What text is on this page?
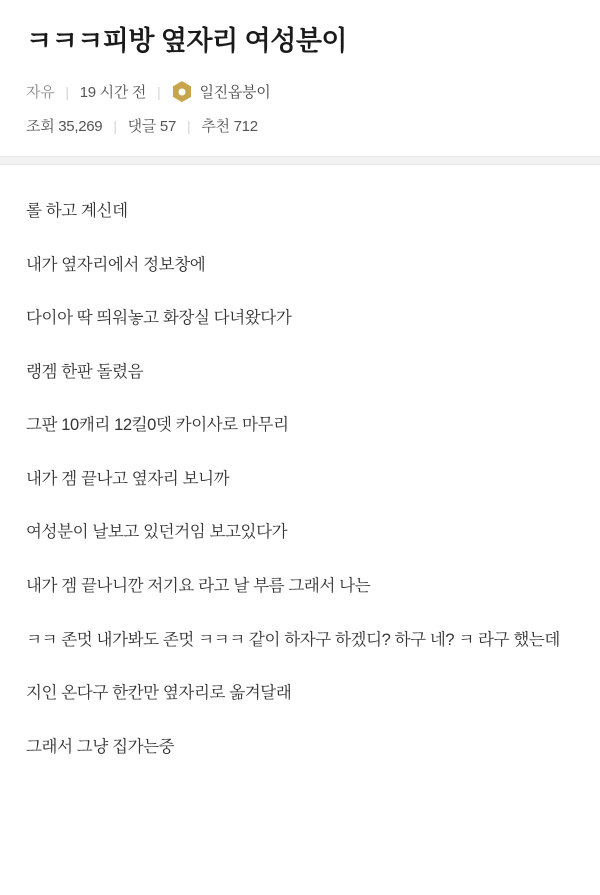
ㅋㅋㅋ피방 옆자리 여성분이
자유 | 19 시간 전 |	일진옵붕이
조회 35,269 | 댓글 57 | 추천 712

롤 하고 계신데

내가 옆자리에서 정보창에

다이아 딱 띄워놓고 화장실 다녀왔다가

랭겜 한판 돌렸음

그판 10캐리 12킬0뎃 카이사로 마무리

내가 겜 끝나고 옆자리 보니까

여성분이 날보고 있던거임 보고있다가

내가 겜 끝나니깐 저기요 라고 날 부름 그래서 나는

ㅋㅋ 존멋 내가봐도 존멋 ㅋㅋㅋ 같이 하자구 하겠디? 하구 네? ㅋ 라구 했는데

지인 온다구 한칸만 옆자리로 옮겨달래

그래서 그냥 집가는중
